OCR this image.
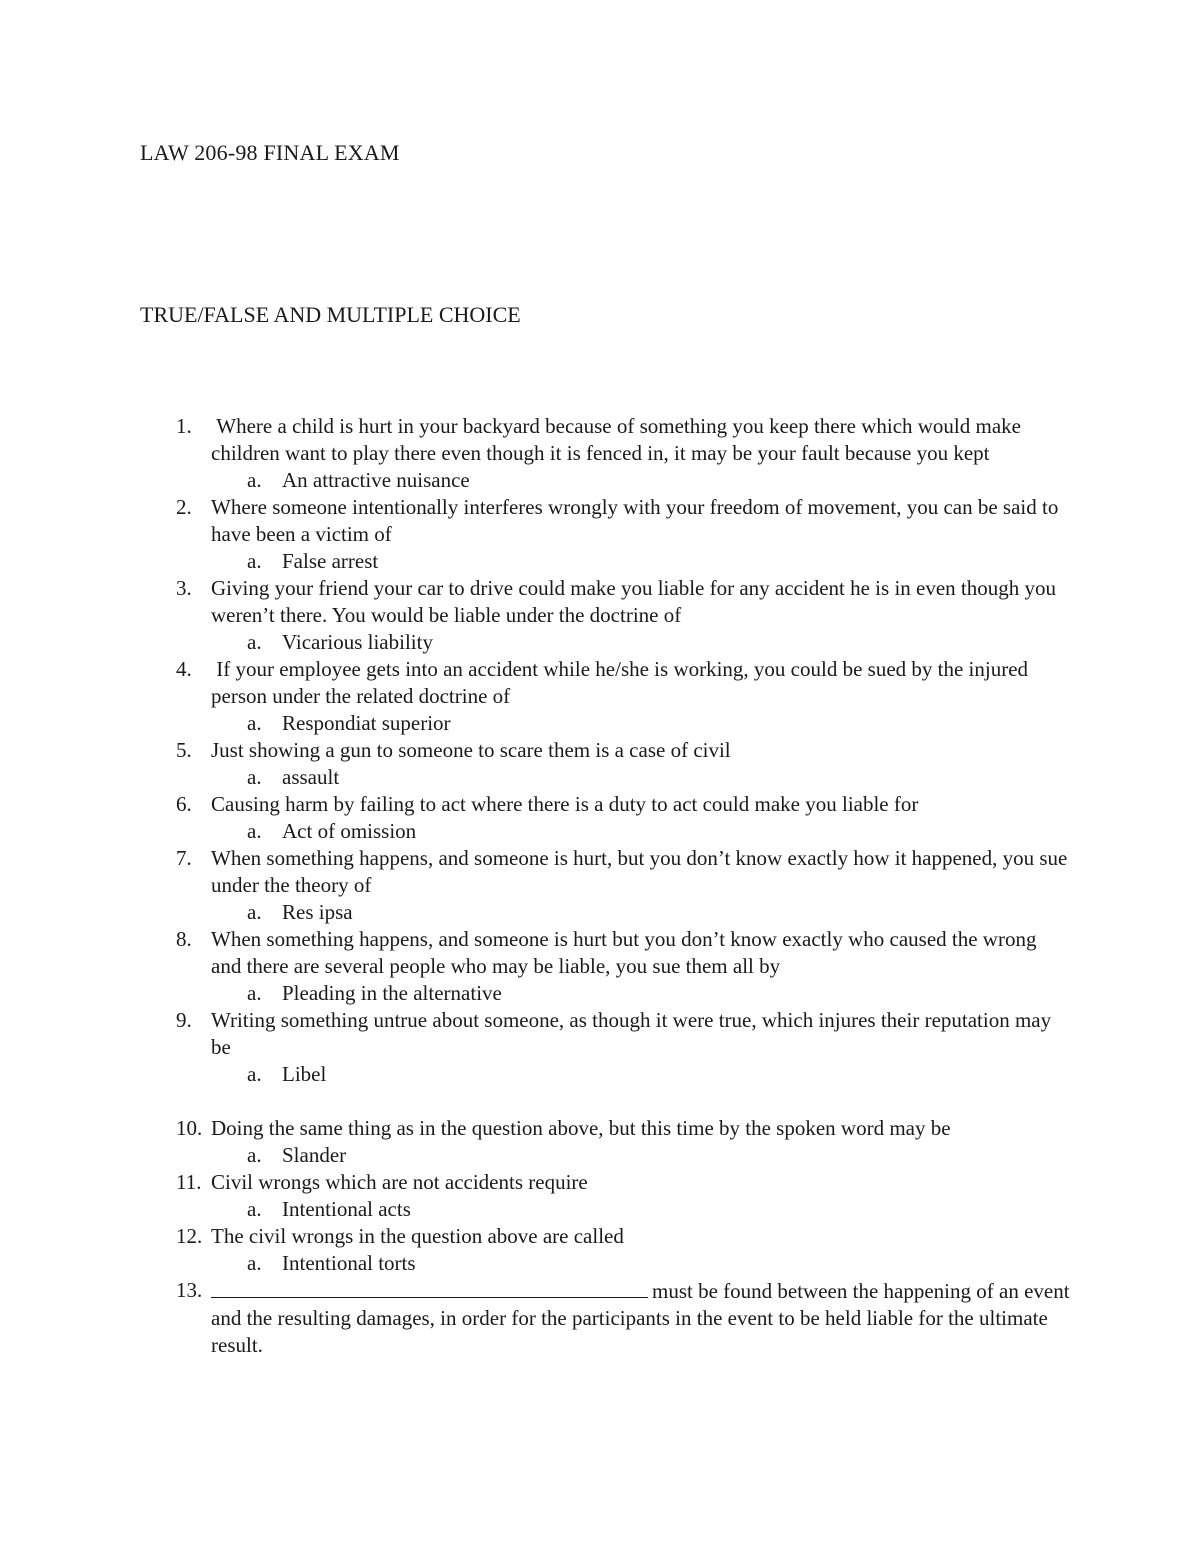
LAW 206-98 FINAL EXAM
TRUE/FALSE AND MULTIPLE CHOICE
1. Where a child is hurt in your backyard because of something you keep there which would make children want to play there even though it is fenced in, it may be your fault because you kept
a. An attractive nuisance
2. Where someone intentionally interferes wrongly with your freedom of movement, you can be said to have been a victim of
a. False arrest
3. Giving your friend your car to drive could make you liable for any accident he is in even though you weren’t there. You would be liable under the doctrine of
a. Vicarious liability
4. If your employee gets into an accident while he/she is working, you could be sued by the injured person under the related doctrine of
a. Respondiat superior
5. Just showing a gun to someone to scare them is a case of civil
a. assault
6. Causing harm by failing to act where there is a duty to act could make you liable for
a. Act of omission
7. When something happens, and someone is hurt, but you don’t know exactly how it happened, you sue under the theory of
a. Res ipsa
8. When something happens, and someone is hurt but you don’t know exactly who caused the wrong and there are several people who may be liable, you sue them all by
a. Pleading in the alternative
9. Writing something untrue about someone, as though it were true, which injures their reputation may be
a. Libel
10. Doing the same thing as in the question above, but this time by the spoken word may be
a. Slander
11. Civil wrongs which are not accidents require
a. Intentional acts
12. The civil wrongs in the question above are called
a. Intentional torts
13.	must be found between the happening of an event and the resulting damages, in order for the participants in the event to be held liable for the ultimate result.
